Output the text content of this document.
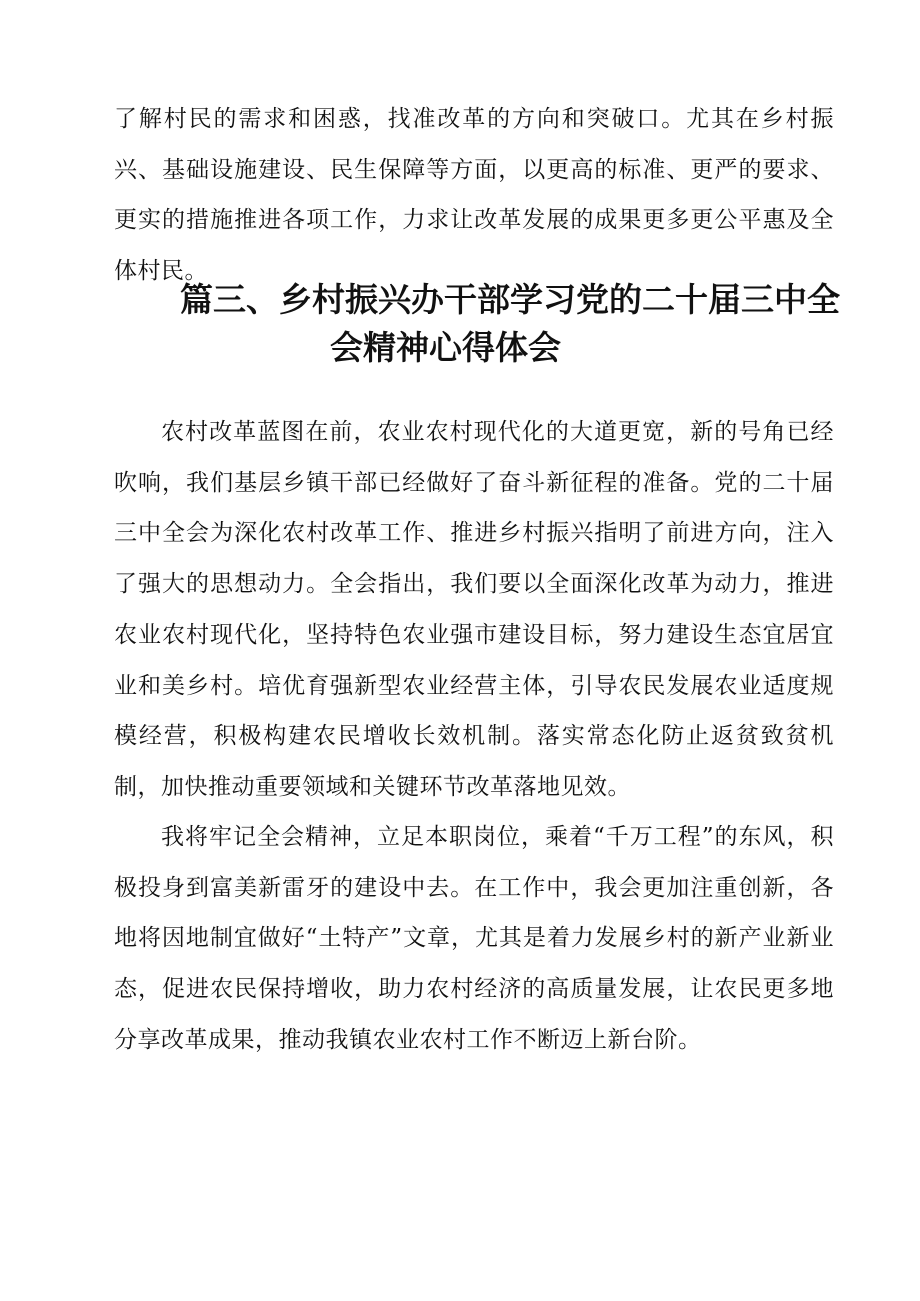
了解村民的需求和困惑，找准改革的方向和突破口。尤其在乡村振兴、基础设施建设、民生保障等方面，以更高的标准、更严的要求、更实的措施推进各项工作，力求让改革发展的成果更多更公平惠及全体村民。

篇三、乡村振兴办干部学习党的二十届三中全
会精神心得体会

农村改革蓝图在前，农业农村现代化的大道更宽，新的号角已经吹响，我们基层乡镇干部已经做好了奋斗新征程的准备。党的二十届三中全会为深化农村改革工作、推进乡村振兴指明了前进方向，注入了强大的思想动力。全会指出，我们要以全面深化改革为动力，推进农业农村现代化，坚持特色农业强市建设目标，努力建设生态宜居宜业和美乡村。培优育强新型农业经营主体，引导农民发展农业适度规模经营，积极构建农民增收长效机制。落实常态化防止返贫致贫机制，加快推动重要领域和关键环节改革落地见效。

我将牢记全会精神，立足本职岗位，乘着“千万工程”的东风，积极投身到富美新雷牙的建设中去。在工作中，我会更加注重创新，各地将因地制宜做好“土特产”文章，尤其是着力发展乡村的新产业新业态，促进农民保持增收，助力农村经济的高质量发展，让农民更多地分享改革成果，推动我镇农业农村工作不断迈上新台阶。
